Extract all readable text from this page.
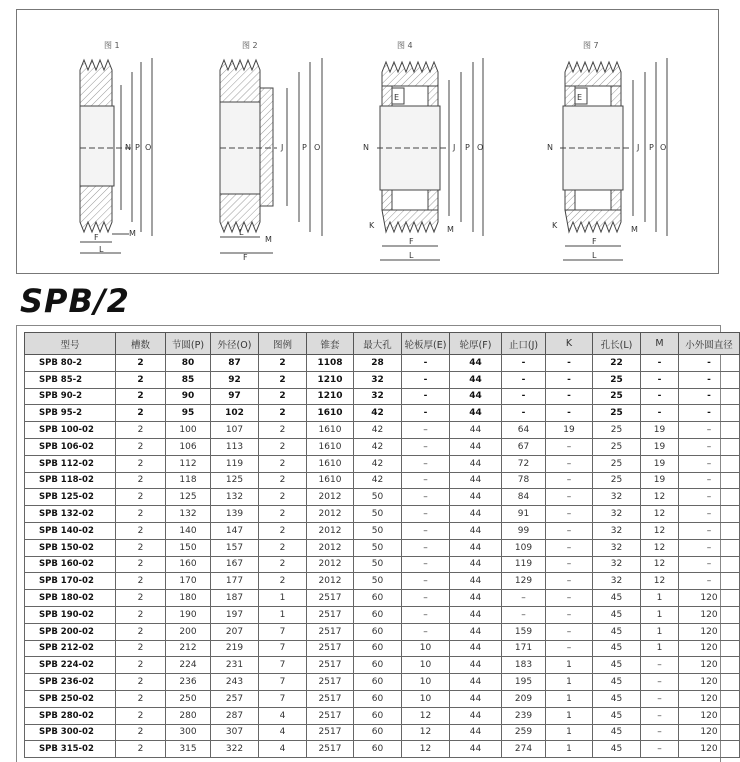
图 1
N P O
F
L
M
图 2
J P O
L
F
M
图 4
E
N	J P O
K
F
L
M
图 7
E
N	J P O
K
F
L
M
SPB/2
型号	槽数	节圆(P)	外径(O)	图例	锥套	最大孔	轮板厚(E)	轮厚(F)	止口(J)	K	孔长(L)	M	小外圆直径
SPB 80-2	2	80	87	2	1108	28	-	44	-	-	22	-	-
SPB 85-2	2	85	92	2	1210	32	-	44	-	-	25	-	-
SPB 90-2	2	90	97	2	1210	32	-	44	-	-	25	-	-
SPB 95-2	2	95	102	2	1610	42	-	44	-	-	25	-	-
SPB 100-02	2	100	107	2	1610	42	–	44	64	19	25	19	–
SPB 106-02	2	106	113	2	1610	42	–	44	67	–	25	19	–
SPB 112-02	2	112	119	2	1610	42	–	44	72	–	25	19	–
SPB 118-02	2	118	125	2	1610	42	–	44	78	–	25	19	–
SPB 125-02	2	125	132	2	2012	50	–	44	84	–	32	12	–
SPB 132-02	2	132	139	2	2012	50	–	44	91	–	32	12	–
SPB 140-02	2	140	147	2	2012	50	–	44	99	–	32	12	–
SPB 150-02	2	150	157	2	2012	50	–	44	109	–	32	12	–
SPB 160-02	2	160	167	2	2012	50	–	44	119	–	32	12	–
SPB 170-02	2	170	177	2	2012	50	–	44	129	–	32	12	–
SPB 180-02	2	180	187	1	2517	60	–	44	–	–	45	1	120
SPB 190-02	2	190	197	1	2517	60	–	44	–	–	45	1	120
SPB 200-02	2	200	207	7	2517	60	–	44	159	–	45	1	120
SPB 212-02	2	212	219	7	2517	60	10	44	171	–	45	1	120
SPB 224-02	2	224	231	7	2517	60	10	44	183	1	45	–	120
SPB 236-02	2	236	243	7	2517	60	10	44	195	1	45	–	120
SPB 250-02	2	250	257	7	2517	60	10	44	209	1	45	–	120
SPB 280-02	2	280	287	4	2517	60	12	44	239	1	45	–	120
SPB 300-02	2	300	307	4	2517	60	12	44	259	1	45	–	120
SPB 315-02	2	315	322	4	2517	60	12	44	274	1	45	–	120
